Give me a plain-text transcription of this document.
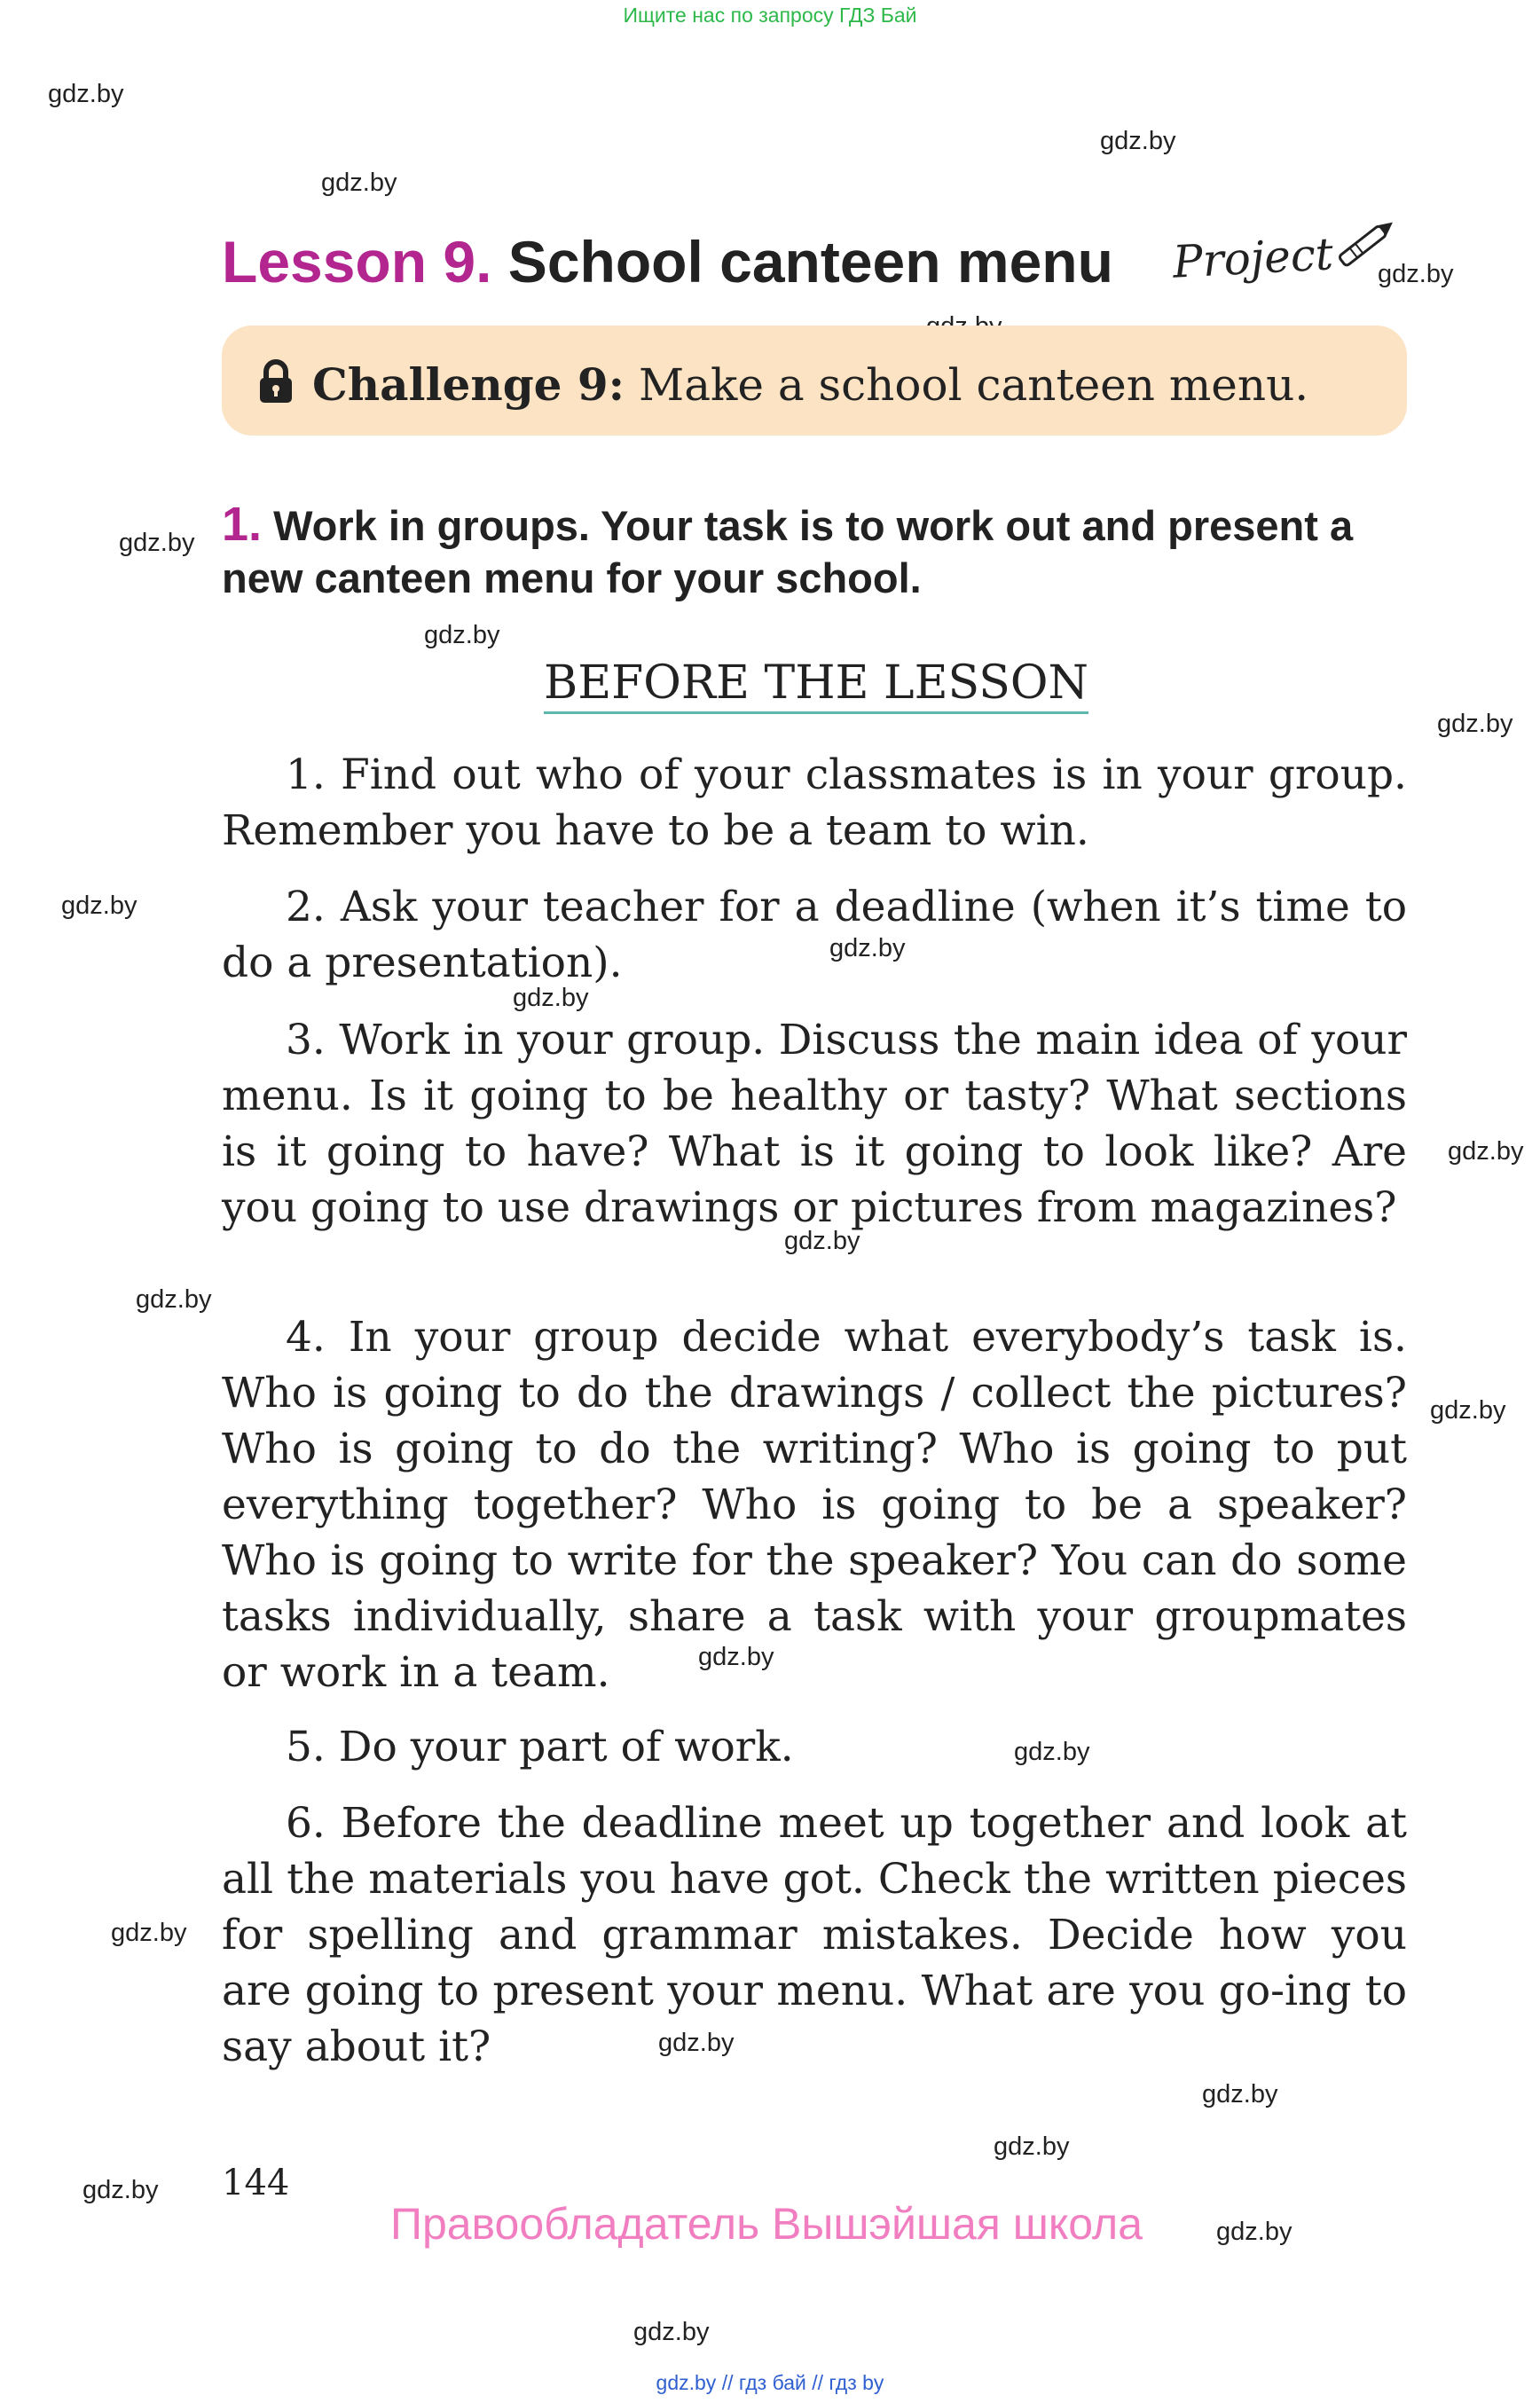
Ищите нас по запросу ГДЗ Бай
gdz.by
gdz.by
gdz.by
gdz.by
gdz.by
gdz.by
gdz.by
gdz.by
gdz.by
gdz.by
gdz.by
gdz.by
gdz.by
gdz.by
gdz.by
gdz.by
gdz.by
gdz.by
gdz.by
gdz.by
gdz.by
gdz.by
gdz.by
Lesson 9. School canteen menu Project
Challenge 9: Make a school canteen menu.
1. Work in groups. Your task is to work out and present a new canteen menu for your school.
BEFORE THE LESSON

1. Find out who of your classmates is in your group. Remember you have to be a team to win.

2. Ask your teacher for a deadline (when it’s time to do a presentation).

3. Work in your group. Discuss the main idea of your menu. Is it going to be healthy or tasty? What sections is it going to have? What is it going to look like? Are you going to use drawings or pictures from magazines?

4. In your group decide what everybody’s task is. Who is going to do the drawings / collect the pictures? Who is going to do the writing? Who is going to put everything together? Who is going to be a speaker? Who is going to write for the speaker? You can do some tasks individually, share a task with your groupmates or work in a team.

5. Do your part of work.

6. Before the deadline meet up together and look at all the materials you have got. Check the written pieces for spelling and grammar mistakes. Decide how you are going to present your menu. What are you go-ing to say about it?

144
Правообладатель Вышэйшая школа
gdz.by // гдз бай // гдз by
